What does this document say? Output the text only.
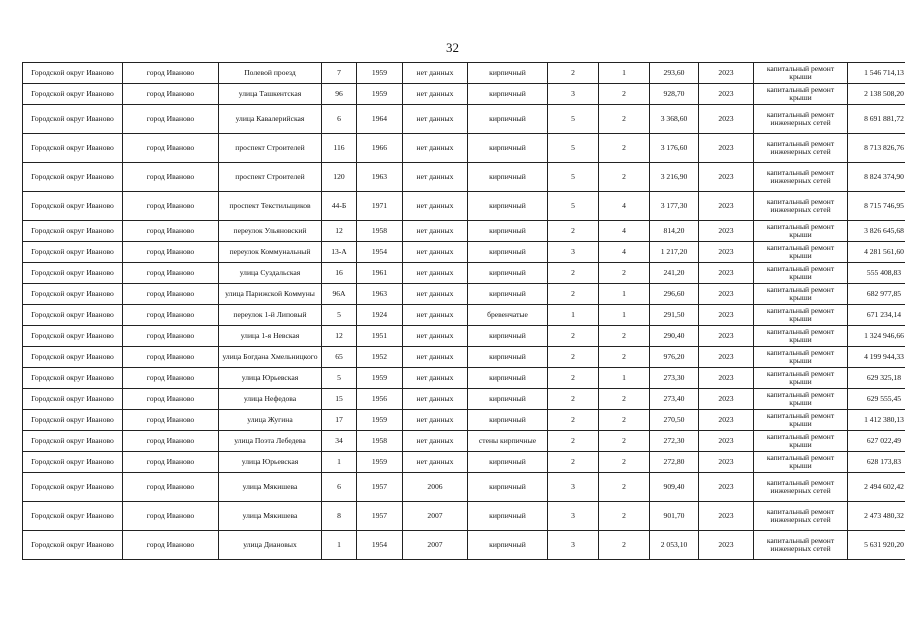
32
Городской округ Иваново	город Иваново	Полевой проезд	7	1959	нет данных	кирпичный	2	1	293,60	2023	капитальный ремонт крыши	1 546 714,13
Городской округ Иваново	город Иваново	улица Ташкентская	96	1959	нет данных	кирпичный	3	2	928,70	2023	капитальный ремонт крыши	2 138 508,20
Городской округ Иваново	город Иваново	улица Кавалерийская	6	1964	нет данных	кирпичный	5	2	3 368,60	2023	капитальный ремонт инженерных сетей	8 691 881,72
Городской округ Иваново	город Иваново	проспект Строителей	116	1966	нет данных	кирпичный	5	2	3 176,60	2023	капитальный ремонт инженерных сетей	8 713 826,76
Городской округ Иваново	город Иваново	проспект Строителей	120	1963	нет данных	кирпичный	5	2	3 216,90	2023	капитальный ремонт инженерных сетей	8 824 374,90
Городской округ Иваново	город Иваново	проспект Текстильщиков	44-Б	1971	нет данных	кирпичный	5	4	3 177,30	2023	капитальный ремонт инженерных сетей	8 715 746,95
Городской округ Иваново	город Иваново	переулок Ульяновский	12	1958	нет данных	кирпичный	2	4	814,20	2023	капитальный ремонт крыши	3 826 645,68
Городской округ Иваново	город Иваново	переулок Коммунальный	13-А	1954	нет данных	кирпичный	3	4	1 217,20	2023	капитальный ремонт крыши	4 281 561,60
Городской округ Иваново	город Иваново	улица Суздальская	16	1961	нет данных	кирпичный	2	2	241,20	2023	капитальный ремонт крыши	555 408,83
Городской округ Иваново	город Иваново	улица Парижской Коммуны	96А	1963	нет данных	кирпичный	2	1	296,60	2023	капитальный ремонт крыши	682 977,85
Городской округ Иваново	город Иваново	переулок 1-й Липовый	5	1924	нет данных	бревенчатые	1	1	291,50	2023	капитальный ремонт крыши	671 234,14
Городской округ Иваново	город Иваново	улица 1-я Невская	12	1951	нет данных	кирпичный	2	2	290,40	2023	капитальный ремонт крыши	1 324 946,66
Городской округ Иваново	город Иваново	улица Богдана Хмельницкого	65	1952	нет данных	кирпичный	2	2	976,20	2023	капитальный ремонт крыши	4 199 944,33
Городской округ Иваново	город Иваново	улица Юрьевская	5	1959	нет данных	кирпичный	2	1	273,30	2023	капитальный ремонт крыши	629 325,18
Городской округ Иваново	город Иваново	улица Нефедова	15	1956	нет данных	кирпичный	2	2	273,40	2023	капитальный ремонт крыши	629 555,45
Городской округ Иваново	город Иваново	улица Жугина	17	1959	нет данных	кирпичный	2	2	270,50	2023	капитальный ремонт крыши	1 412 380,13
Городской округ Иваново	город Иваново	улица Поэта Лебедева	34	1958	нет данных	стены кирпичные	2	2	272,30	2023	капитальный ремонт крыши	627 022,49
Городской округ Иваново	город Иваново	улица Юрьевская	1	1959	нет данных	кирпичный	2	2	272,80	2023	капитальный ремонт крыши	628 173,83
Городской округ Иваново	город Иваново	улица Мякишева	6	1957	2006	кирпичный	3	2	909,40	2023	капитальный ремонт инженерных сетей	2 494 602,42
Городской округ Иваново	город Иваново	улица Мякишева	8	1957	2007	кирпичный	3	2	901,70	2023	капитальный ремонт инженерных сетей	2 473 480,32
Городской округ Иваново	город Иваново	улица Диановых	1	1954	2007	кирпичный	3	2	2 053,10	2023	капитальный ремонт инженерных сетей	5 631 920,20
